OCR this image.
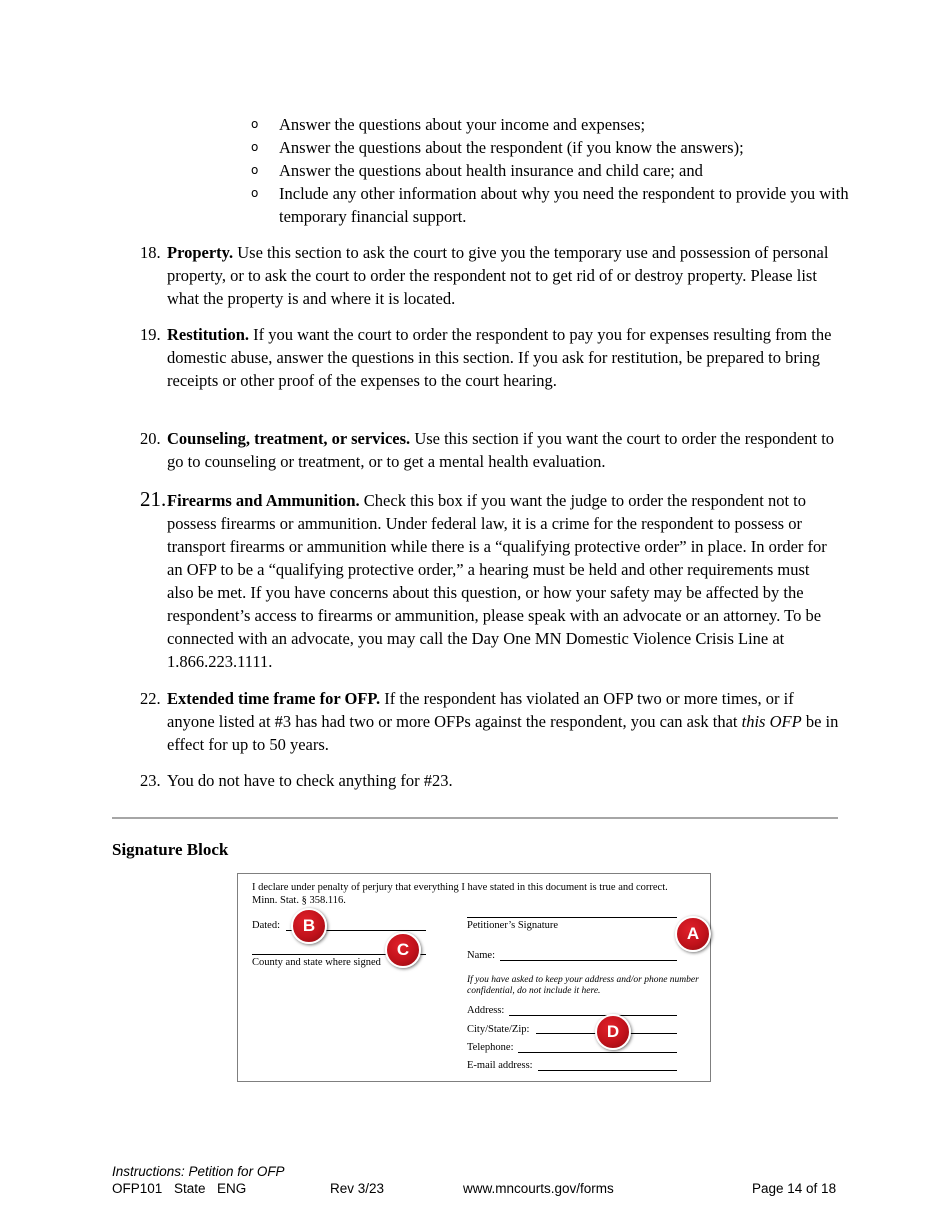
o Answer the questions about your income and expenses;
o Answer the questions about the respondent (if you know the answers);
o Answer the questions about health insurance and child care; and
o Include any other information about why you need the respondent to provide you with temporary financial support.
18. Property. Use this section to ask the court to give you the temporary use and possession of personal property, or to ask the court to order the respondent not to get rid of or destroy property. Please list what the property is and where it is located.
19. Restitution. If you want the court to order the respondent to pay you for expenses resulting from the domestic abuse, answer the questions in this section. If you ask for restitution, be prepared to bring receipts or other proof of the expenses to the court hearing.
20. Counseling, treatment, or services. Use this section if you want the court to order the respondent to go to counseling or treatment, or to get a mental health evaluation.
21. Firearms and Ammunition. Check this box if you want the judge to order the respondent not to possess firearms or ammunition. Under federal law, it is a crime for the respondent to possess or transport firearms or ammunition while there is a “qualifying protective order” in place. In order for an OFP to be a “qualifying protective order,” a hearing must be held and other requirements must also be met. If you have concerns about this question, or how your safety may be affected by the respondent’s access to firearms or ammunition, please speak with an advocate or an attorney. To be connected with an advocate, you may call the Day One MN Domestic Violence Crisis Line at 1.866.223.1111.
22. Extended time frame for OFP. If the respondent has violated an OFP two or more times, or if anyone listed at #3 has had two or more OFPs against the respondent, you can ask that this OFP be in effect for up to 50 years.
23. You do not have to check anything for #23.
Signature Block
I declare under penalty of perjury that everything I have stated in this document is true and correct. Minn. Stat. § 358.116.
Dated:
County and state where signed
Petitioner’s Signature
Name:
If you have asked to keep your address and/or phone number confidential, do not include it here.
Address:
City/State/Zip:
Telephone:
E-mail address:
A
B
C
D
Instructions: Petition for OFP
OFP101 State ENG	Rev 3/23	www.mncourts.gov/forms	Page 14 of 18
